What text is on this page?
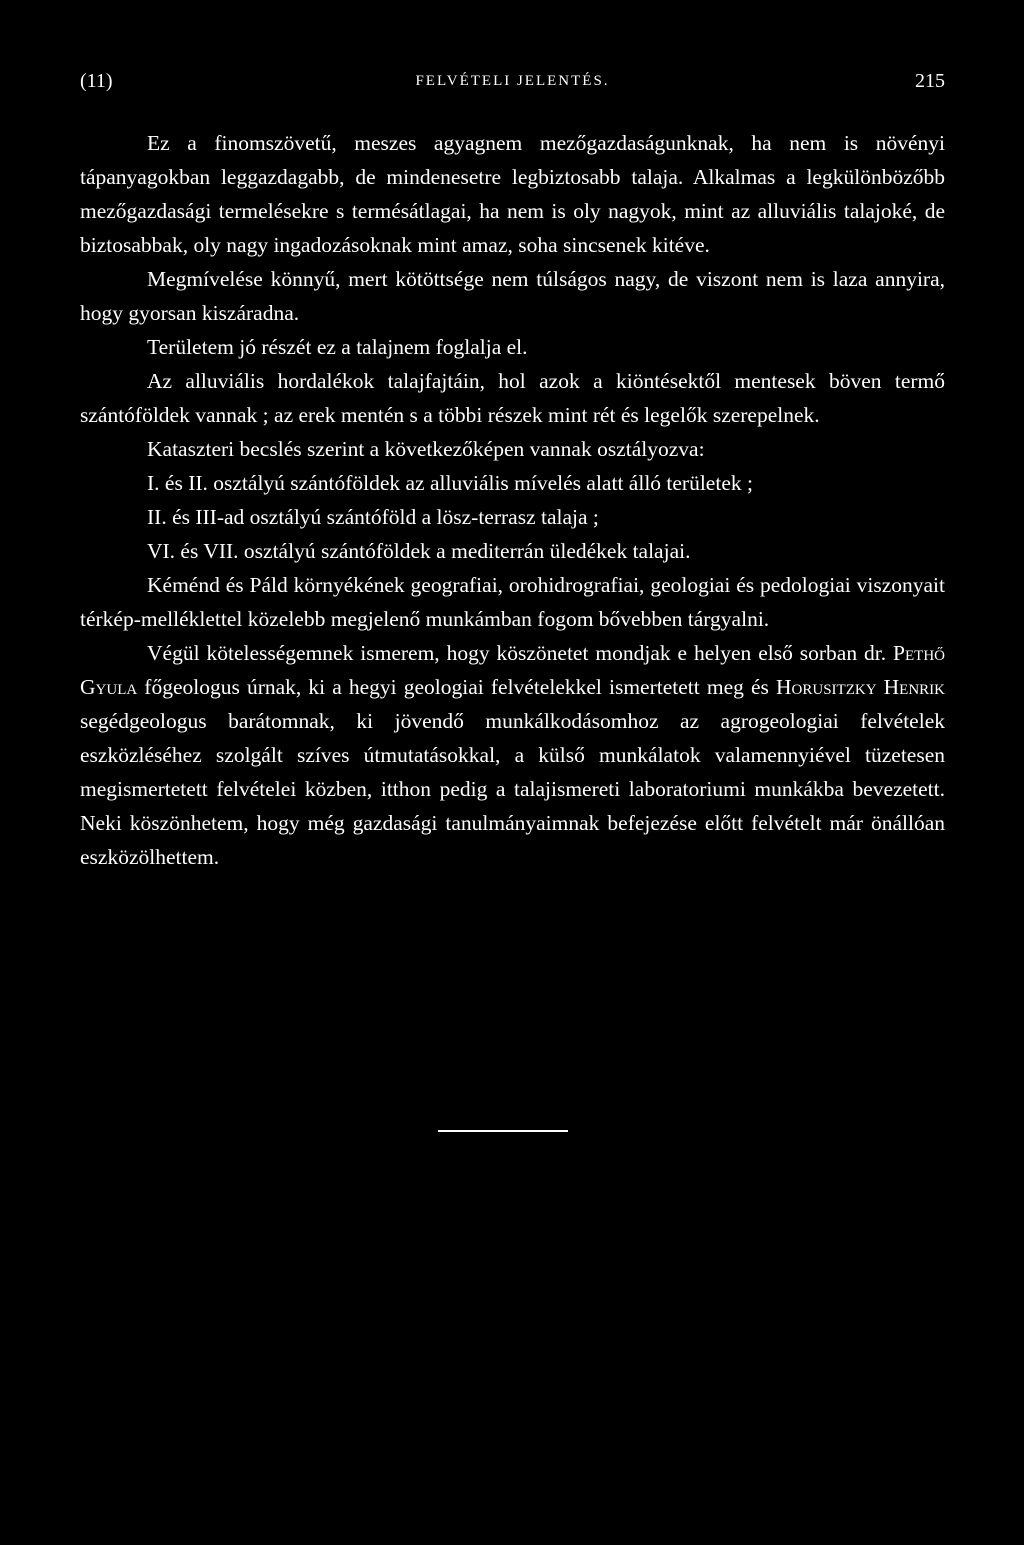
(11)	FELVÉTELI JELENTÉS.	215

Ez a finomszövetű, meszes agyagnem mezőgazdaságunknak, ha nem is növényi tápanyagokban leggazdagabb, de mindenesetre legbiztosabb talaja. Alkalmas a legkülönbözőbb mezőgazdasági termelésekre s termésátlagai, ha nem is oly nagyok, mint az alluviális talajoké, de biztosabbak, oly nagy ingadozásoknak mint amaz, soha sincsenek kitéve.

Megmívelése könnyű, mert kötöttsége nem túlságos nagy, de viszont nem is laza annyira, hogy gyorsan kiszáradna.

Területem jó részét ez a talajnem foglalja el.

Az alluviális hordalékok talajfajtáin, hol azok a kiöntésektől mentesek böven termő szántóföldek vannak ; az erek mentén s a többi részek mint rét és legelők szerepelnek.

Kataszteri becslés szerint a következőképen vannak osztályozva:

I. és II. osztályú szántóföldek az alluviális mívelés alatt álló területek ;

II. és III-ad osztályú szántóföld a lösz-terrasz talaja ;

VI. és VII. osztályú szántóföldek a mediterrán üledékek talajai.

Kéménd és Páld környékének geografiai, orohidrografiai, geologiai és pedologiai viszonyait térkép-melléklettel közelebb megjelenő munkámban fogom bővebben tárgyalni.

Végül kötelességemnek ismerem, hogy köszönetet mondjak e helyen első sorban dr. Pethő Gyula főgeologus úrnak, ki a hegyi geologiai felvételekkel ismertetett meg és Horusitzky Henrik segédgeologus barátomnak, ki jövendő munkálkodásomhoz az agrogeologiai felvételek eszközléséhez szolgált szíves útmutatásokkal, a külső munkálatok valamennyiével tüzetesen megismertetett felvételei közben, itthon pedig a talajismereti laboratoriumi munkákba bevezetett. Neki köszönhetem, hogy még gazdasági tanulmányaimnak befejezése előtt felvételt már önállóan eszközölhettem.
